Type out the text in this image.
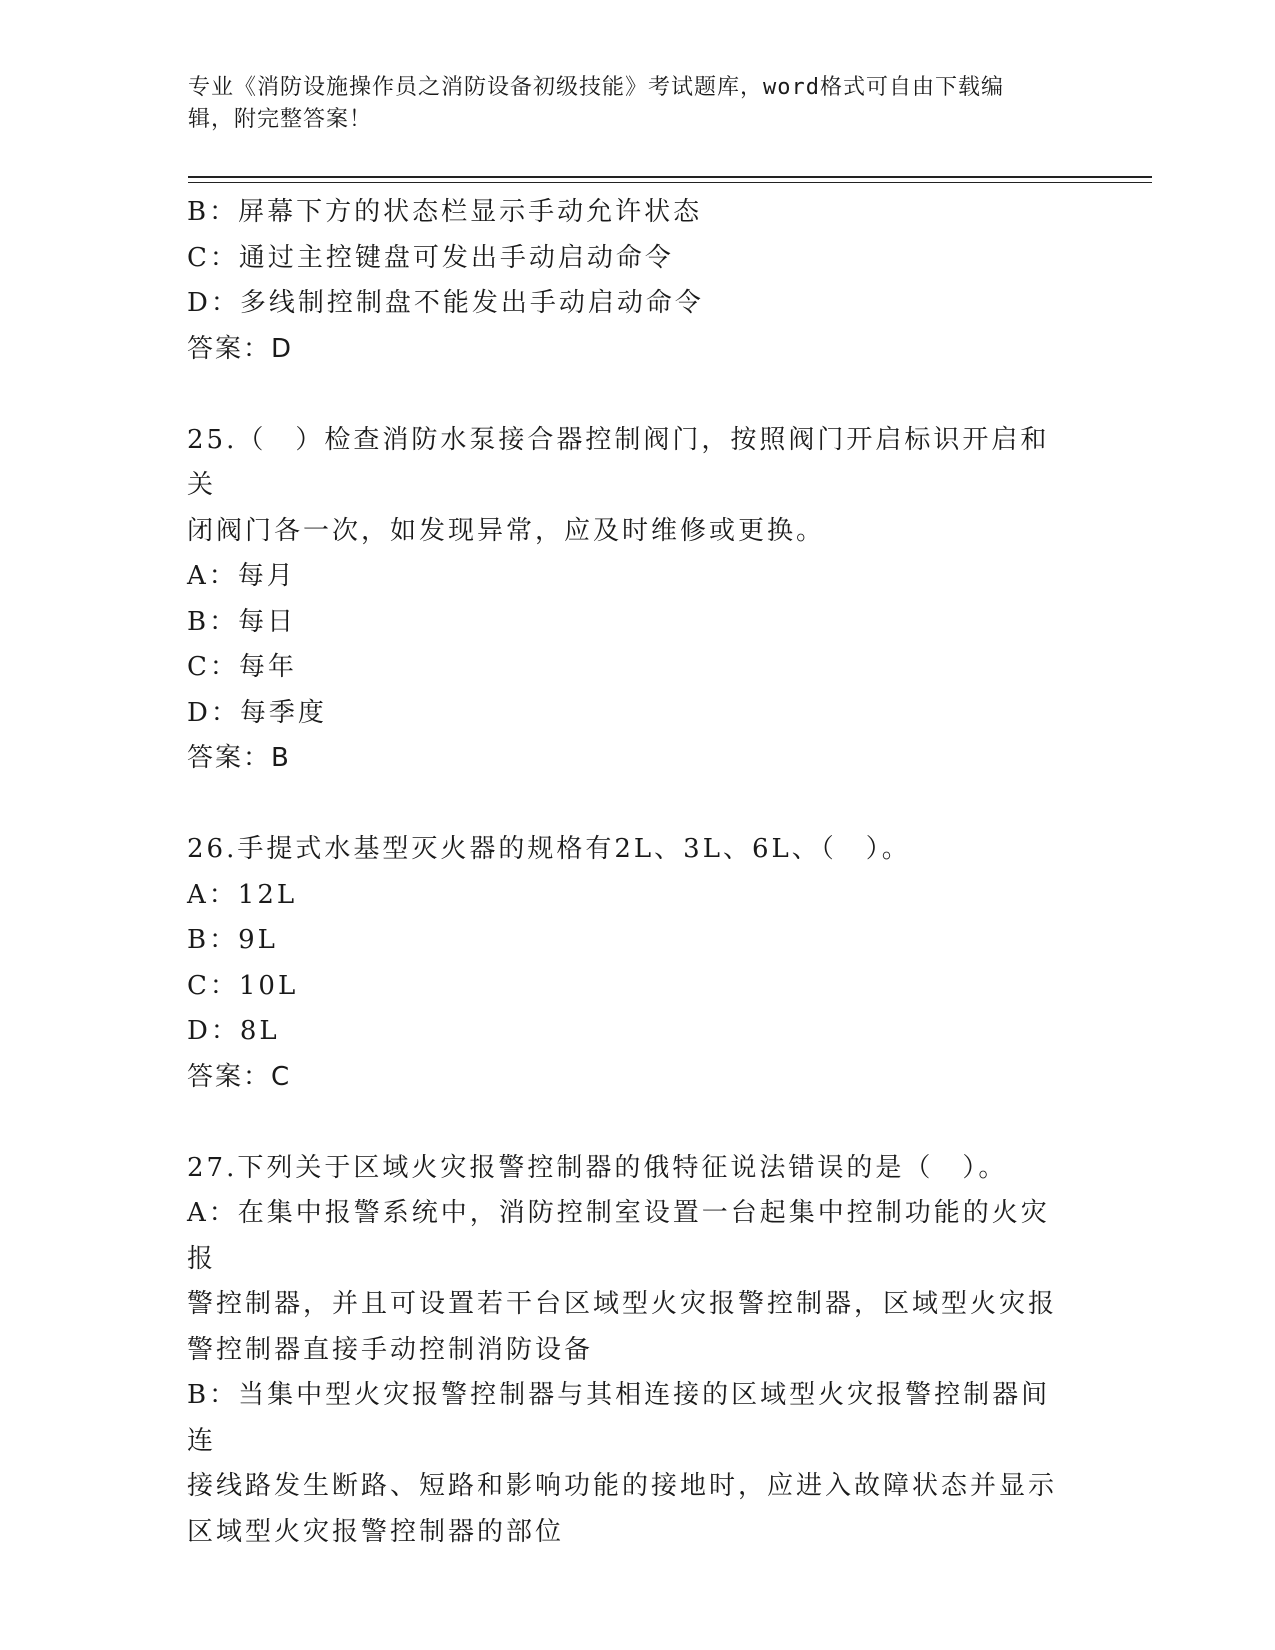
专业《消防设施操作员之消防设备初级技能》考试题库，word格式可自由下载编
辑，附完整答案！
B：屏幕下方的状态栏显示手动允许状态
C：通过主控键盘可发出手动启动命令
D：多线制控制盘不能发出手动启动命令
答案：D
25.（　）检查消防水泵接合器控制阀门，按照阀门开启标识开启和关
闭阀门各一次，如发现异常，应及时维修或更换。
A：每月
B：每日
C：每年
D：每季度
答案：B
26.手提式水基型灭火器的规格有2L、3L、6L、（　）。
A：12L
B：9L
C：10L
D：8L
答案：C
27.下列关于区域火灾报警控制器的俄特征说法错误的是（　）。
A：在集中报警系统中，消防控制室设置一台起集中控制功能的火灾报
警控制器，并且可设置若干台区域型火灾报警控制器，区域型火灾报
警控制器直接手动控制消防设备
B：当集中型火灾报警控制器与其相连接的区域型火灾报警控制器间连
接线路发生断路、短路和影响功能的接地时，应进入故障状态并显示
区域型火灾报警控制器的部位
